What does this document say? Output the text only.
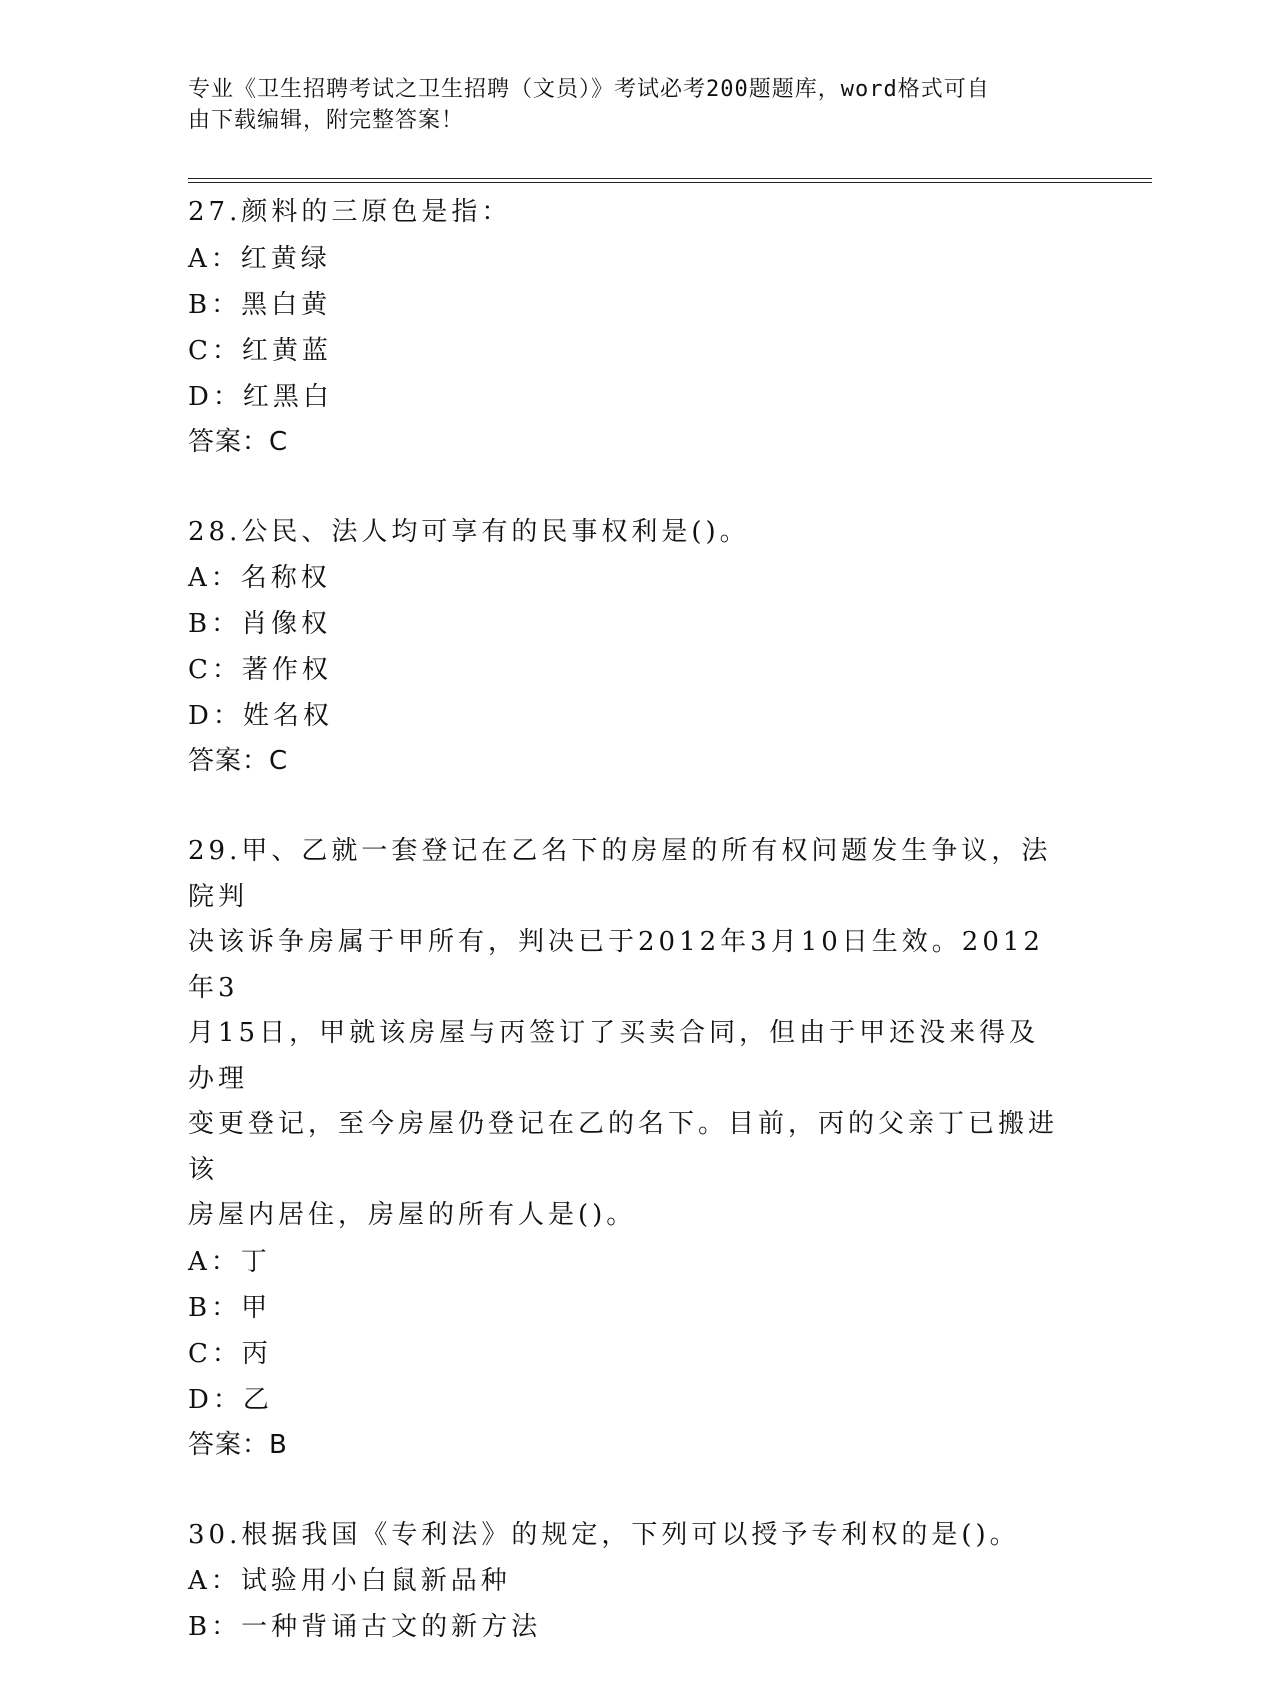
专业《卫生招聘考试之卫生招聘（文员）》考试必考200题题库，word格式可自
由下载编辑，附完整答案！
27.颜料的三原色是指：
A：红黄绿
B：黑白黄
C：红黄蓝
D：红黑白
答案：C
28.公民、法人均可享有的民事权利是()。
A：名称权
B：肖像权
C：著作权
D：姓名权
答案：C
29.甲、乙就一套登记在乙名下的房屋的所有权问题发生争议，法院判
决该诉争房属于甲所有，判决已于2012年3月10日生效。2012年3
月15日，甲就该房屋与丙签订了买卖合同，但由于甲还没来得及办理
变更登记，至今房屋仍登记在乙的名下。目前，丙的父亲丁已搬进该
房屋内居住，房屋的所有人是()。
A：丁
B：甲
C：丙
D：乙
答案：B
30.根据我国《专利法》的规定，下列可以授予专利权的是()。
A：试验用小白鼠新品种
B：一种背诵古文的新方法
